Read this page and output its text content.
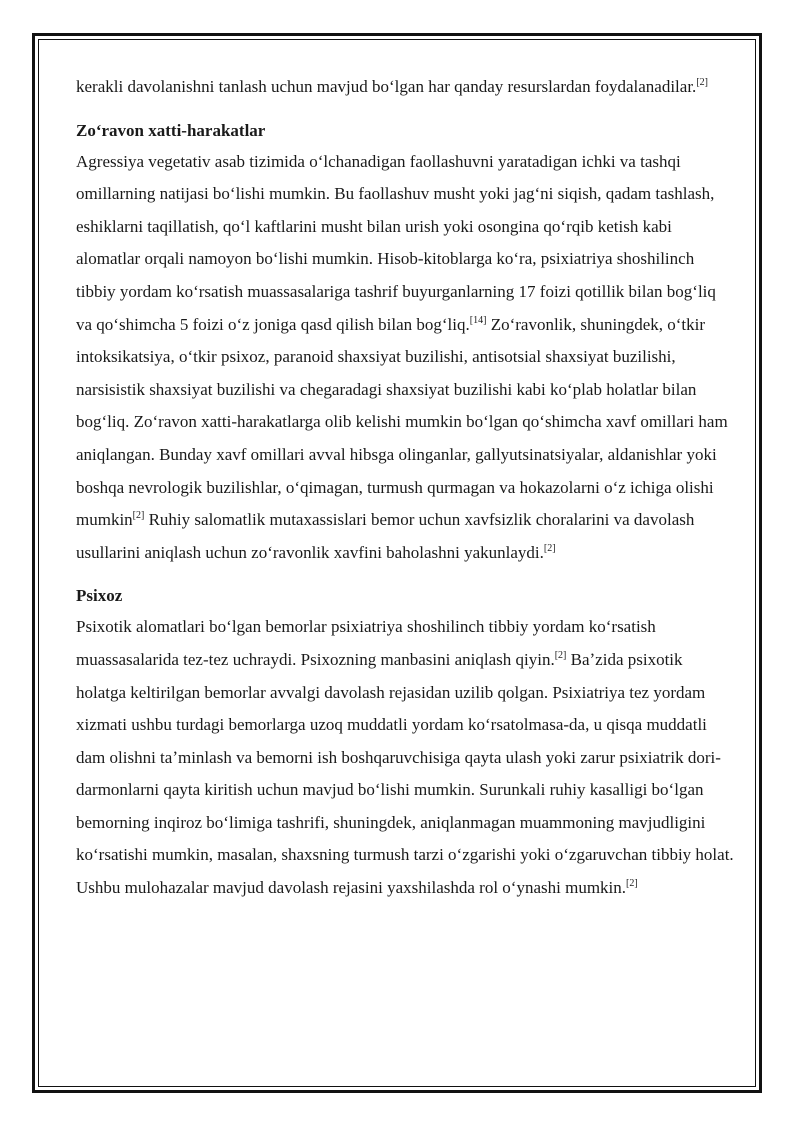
kerakli davolanishni tanlash uchun mavjud boʻlgan har qanday resurslardan foydalanadilar.[2]

Zoʻravon xatti-harakatlar

Agressiya vegetativ asab tizimida oʻlchanadigan faollashuvni yaratadigan ichki va tashqi omillarning natijasi boʻlishi mumkin. Bu faollashuv musht yoki jagʻni siqish, qadam tashlash, eshiklarni taqillatish, qoʻl kaftlarini musht bilan urish yoki osongina qoʻrqib ketish kabi alomatlar orqali namoyon boʻlishi mumkin. Hisob-kitoblarga koʻra, psixiatriya shoshilinch tibbiy yordam koʻrsatish muassasalariga tashrif buyurganlarning 17 foizi qotillik bilan bogʻliq va qoʻshimcha 5 foizi oʻz joniga qasd qilish bilan bogʻliq.[14] Zoʻravonlik, shuningdek, oʻtkir intoksikatsiya, oʻtkir psixoz, paranoid shaxsiyat buzilishi, antisotsial shaxsiyat buzilishi, narsisistik shaxsiyat buzilishi va chegaradagi shaxsiyat buzilishi kabi koʻplab holatlar bilan bogʻliq. Zoʻravon xatti-harakatlarga olib kelishi mumkin boʻlgan qoʻshimcha xavf omillari ham aniqlangan. Bunday xavf omillari avval hibsga olinganlar, gallyutsinatsiyalar, aldanishlar yoki boshqa nevrologik buzilishlar, oʻqimagan, turmush qurmagan va hokazolarni oʻz ichiga olishi mumkin[2] Ruhiy salomatlik mutaxassislari bemor uchun xavfsizlik choralarini va davolash usullarini aniqlash uchun zoʻravonlik xavfini baholashni yakunlaydi.[2]

Psixoz

Psixotik alomatlari boʻlgan bemorlar psixiatriya shoshilinch tibbiy yordam koʻrsatish muassasalarida tez-tez uchraydi. Psixozning manbasini aniqlash qiyin.[2] Baʼzida psixotik holatga keltirilgan bemorlar avvalgi davolash rejasidan uzilib qolgan. Psixiatriya tez yordam xizmati ushbu turdagi bemorlarga uzoq muddatli yordam koʻrsatolmasa-da, u qisqa muddatli dam olishni taʼminlash va bemorni ish boshqaruvchisiga qayta ulash yoki zarur psixiatrik dori-darmonlarni qayta kiritish uchun mavjud boʻlishi mumkin. Surunkali ruhiy kasalligi boʻlgan bemorning inqiroz boʻlimiga tashrifi, shuningdek, aniqlanmagan muammoning mavjudligini koʻrsatishi mumkin, masalan, shaxsning turmush tarzi oʻzgarishi yoki oʻzgaruvchan tibbiy holat. Ushbu mulohazalar mavjud davolash rejasini yaxshilashda rol oʻynashi mumkin.[2]
